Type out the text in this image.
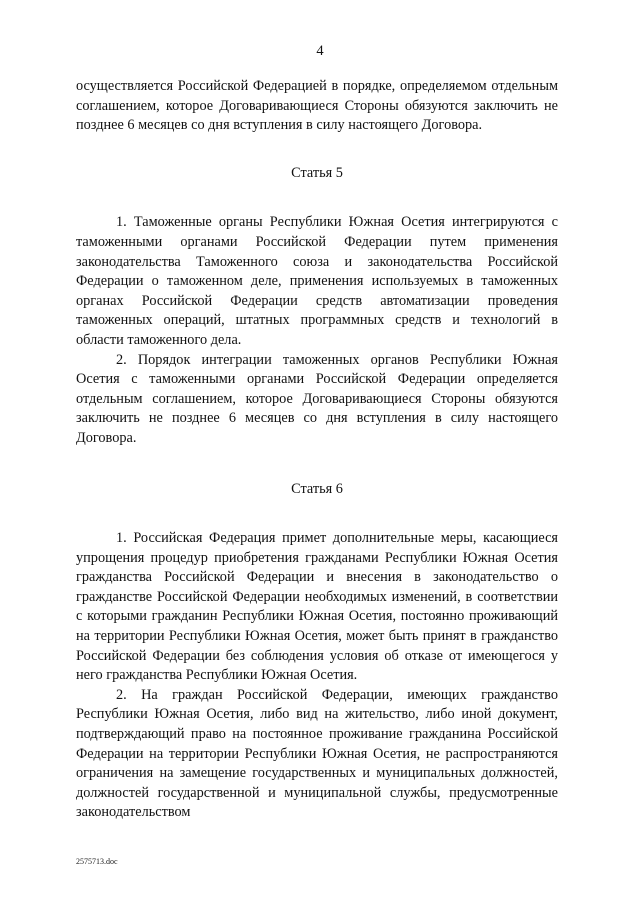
4

осуществляется Российской Федерацией в порядке, определяемом отдельным соглашением, которое Договаривающиеся Стороны обязуются заключить не позднее 6 месяцев со дня вступления в силу настоящего Договора.

Статья 5

1. Таможенные органы Республики Южная Осетия интегрируются с таможенными органами Российской Федерации путем применения законодательства Таможенного союза и законодательства Российской Федерации о таможенном деле, применения используемых в таможенных органах Российской Федерации средств автоматизации проведения таможенных операций, штатных программных средств и технологий в области таможенного дела.

2. Порядок интеграции таможенных органов Республики Южная Осетия с таможенными органами Российской Федерации определяется отдельным соглашением, которое Договаривающиеся Стороны обязуются заключить не позднее 6 месяцев со дня вступления в силу настоящего Договора.

Статья 6

1. Российская Федерация примет дополнительные меры, касающиеся упрощения процедур приобретения гражданами Республики Южная Осетия гражданства Российской Федерации и внесения в законодательство о гражданстве Российской Федерации необходимых изменений, в соответствии с которыми гражданин Республики Южная Осетия, постоянно проживающий на территории Республики Южная Осетия, может быть принят в гражданство Российской Федерации без соблюдения условия об отказе от имеющегося у него гражданства Республики Южная Осетия.

2. На граждан Российской Федерации, имеющих гражданство Республики Южная Осетия, либо вид на жительство, либо иной документ, подтверждающий право на постоянное проживание гражданина Российской Федерации на территории Республики Южная Осетия, не распространяются ограничения на замещение государственных и муниципальных должностей, должностей государственной и муниципальной службы, предусмотренные законодательством

2575713.doc
